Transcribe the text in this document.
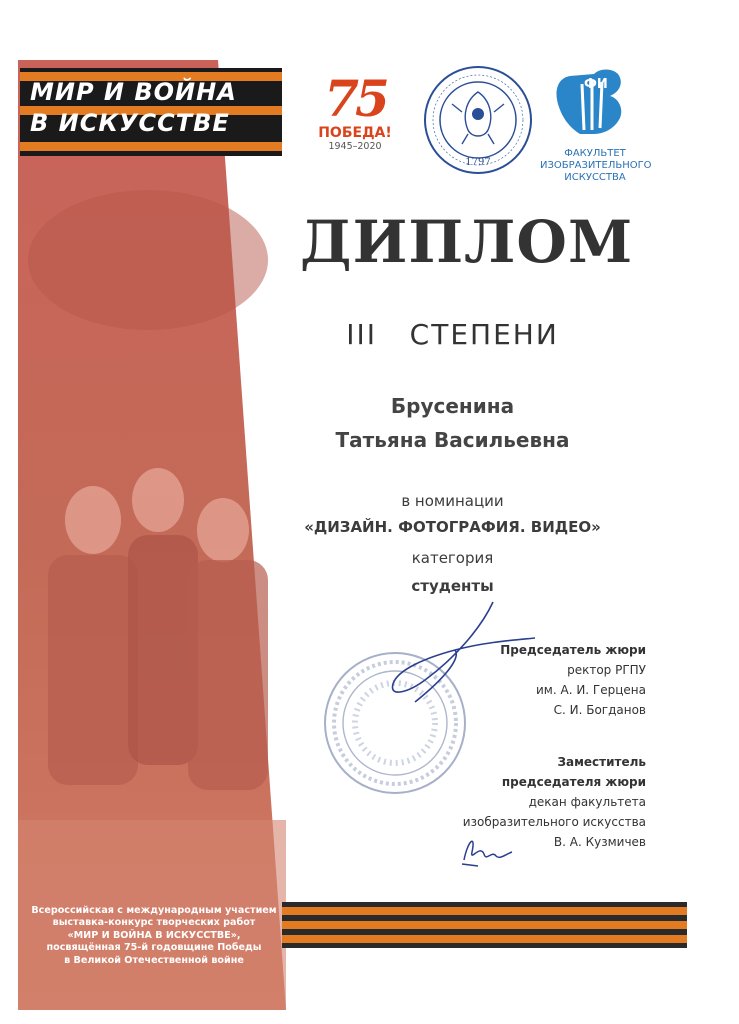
МИР И ВОЙНА
В ИСКУССТВЕ 75
ПОБЕДА!
1945–2020
1797
ФИ
ФАКУЛЬТЕТ
ИЗОБРАЗИТЕЛЬНОГО
ИСКУССТВА
ДИПЛОМ
III   СТЕПЕНИ
Брусенина
Татьяна Васильевна
в номинации
«ДИЗАЙН. ФОТОГРАФИЯ. ВИДЕО»
категория
студенты
Председатель жюри
ректор РГПУ
им. А. И. Герцена
С. И. Богданов
Заместитель
председателя жюри
декан факультета
изобразительного искусства
В. А. Кузмичев
Всероссийская с международным участием
выставка-конкурс творческих работ
«МИР И ВОЙНА В ИСКУССТВЕ»,
посвящённая 75-й годовщине Победы
в Великой Отечественной войне
